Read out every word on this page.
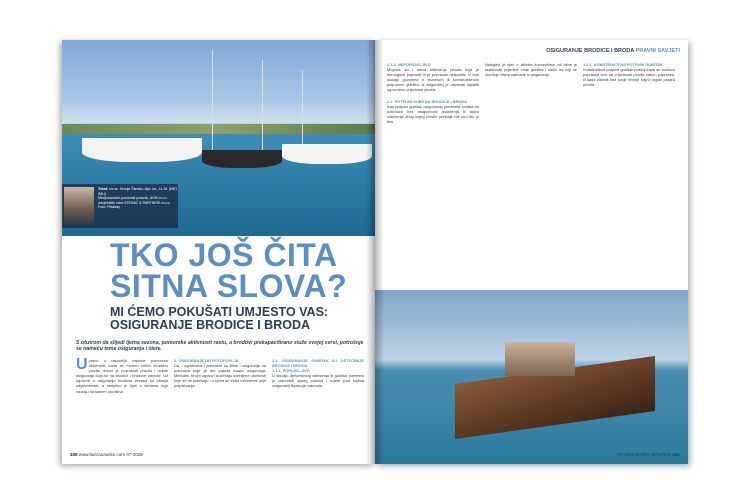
Tekst: mr.sc. Hrvoje Škrobo, dipl. iur., LL.M. (IMO IMLI)
Medjunarodni pomorski pravnik, AON d.o.o.
odvjetnički ured STEINIĆ & PARTNERI d.o.o.
Foto: Pixabay
TKO JOŠ ČITA SITNA SLOVA?
MI ĆEMO POKUŠATI UMJESTO VAS: OSIGURANJE BRODICE I BRODA
S obzirom da slijedi ljetna sezona, pomorske aktivnosti rastu, a brodovi prekapacitirano služe svojoj svrsi, potrošnje se nameću teme osiguranja i štete.
Upravo u razdoblju najveće pomorske aktivnosti, kada se morem kreće mnoštvo plovila, dobro je poznavati pravila i uvjete osiguranja koja se na brodice i brodove odnose. Uz ugovore o osiguranju brodova vezana su pitanja odgovornosti, a nerijetko je riječ o štetama koje nastaju na samim plovilima.
1. OSIGURANJE DO POTOPOVLJA
Da, i ugrabistva i potonuće su štete i osiguranje od potonuća koje je dio paketa kasko osiguranja. Međutim, brojni ugovori izuzimaju određene okolnosti koje se ne pokrivaju i o njima se treba informirati prije potpisivanja.
1.1. OSIGURANJE GUBITAK ILI OŠTEĆENJE BRODICE I BRODA
1.1.1. POPLAVLJIVO
U slučaju djelomičnog oštećenja ili gubitka potrebno je razmotriti opseg pokrića i uvjete pod kojima osiguratelj isplaćuje naknadu.
100 www.burzanautike.com 07-2025
OSIGURANJE BRODICE I BRODA PRAVNI SAVJETI
1.1.2. NEPOPRAVLJIVO
Moguće su i takva oštećenja plovila koja je nemoguće popraviti ili je popravak neisplativ. U tom slučaju govorimo o stvarnom ili konstruktivnom potpunom gubitku, a osiguratelj je obvezan isplatiti ugovorenu vrijednost plovila.
1.2. POTPUNI GUBITAK BRODICE I BRODA
Kao potpuni gubitak osiguranog predmeta smatra se potonuće bez mogućnosti izvlačenja ili takvo oštećenje zbog kojeg plovilo prestaje biti ono što je bilo.
Naizgled je riječ o sličnim konceptima, ali bitno je razlikovati pojedine vrste gubitka i način na koji se utvrđuje visina naknade iz osiguranja.
1.2.1. KONSTRUKTIVNI POTPUNI GUBITAK
Konstruktivni potpuni gubitak postoji kada su troškovi popravka veći od vrijednosti plovila nakon popravka, ili kada vlasnik bez svoje krivnje trajno izgubi posjed plovila.
07-2025 BURZA NAUTIKE 101
